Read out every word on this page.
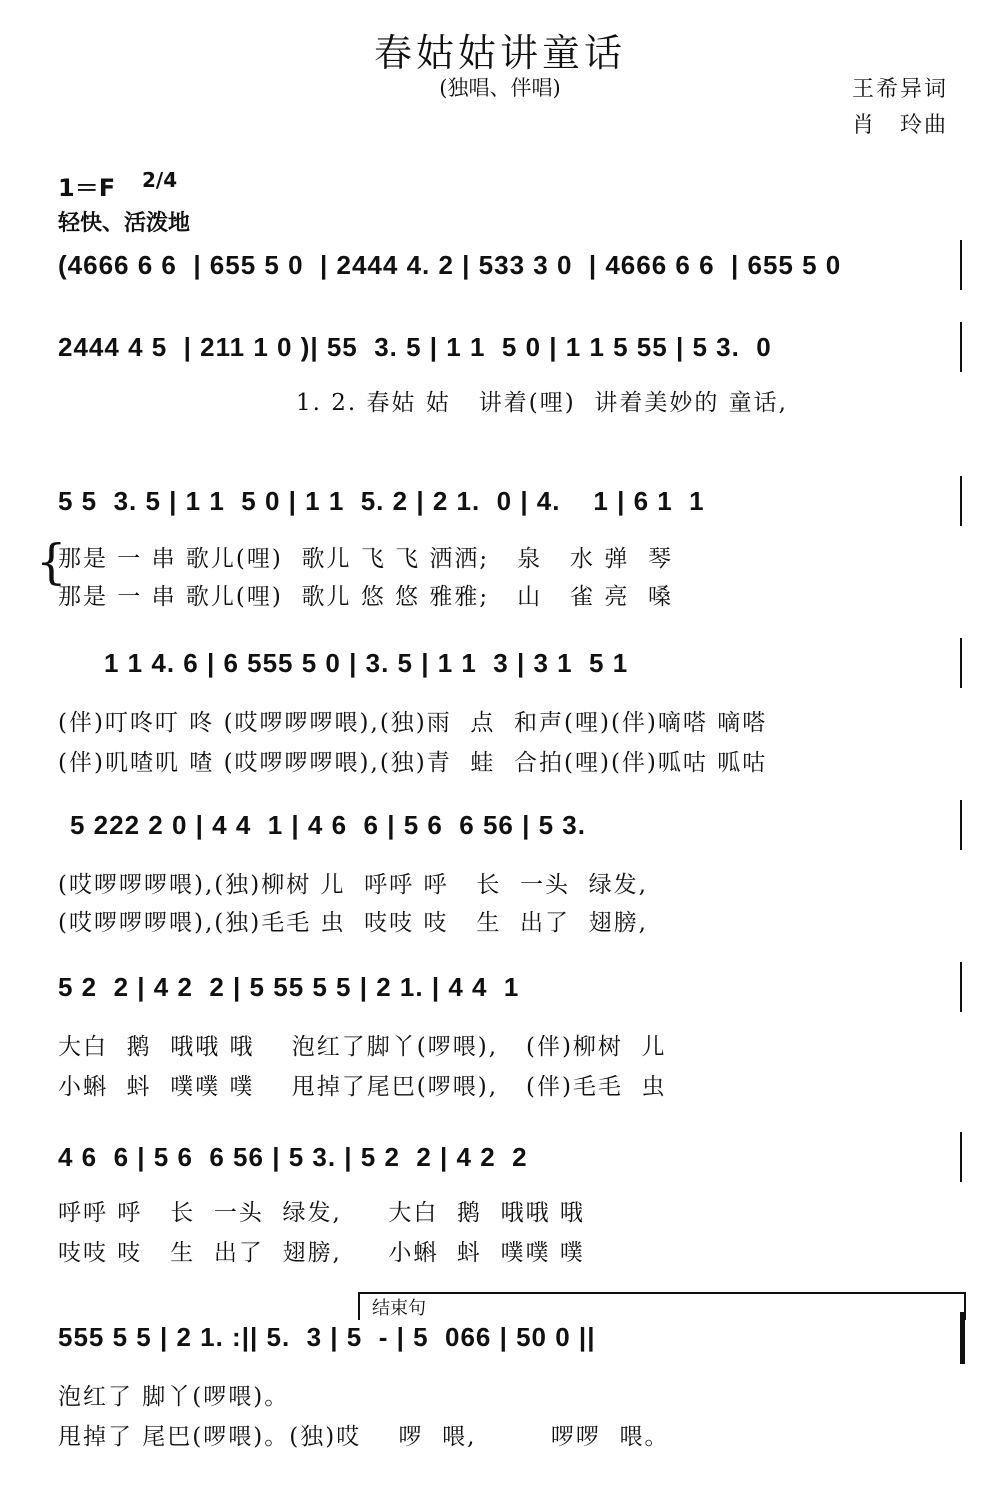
春姑姑讲童话
(独唱、伴唱)	王希异词
肖　玲曲
1＝F 2/4
轻快、活泼地
(4666 6 6  | 655 5 0  | 2444 4. 2 | 533 3 0  | 4666 6 6  | 655 5 0
2444 4 5  | 211 1 0 )| 55  3. 5 | 1 1  5 0 | 1 1 5 55 | 5 3.  0
1. 2. 春姑 姑   讲着(哩)  讲着美妙的 童话,
5 5  3. 5 | 1 1  5 0 | 1 1  5. 2 | 2 1.  0 | 4.    1 | 6 1  1
{
那是 一 串 歌儿(哩)  歌儿 飞 飞 洒洒;   泉   水 弹  琴
那是 一 串 歌儿(哩)  歌儿 悠 悠 雅雅;   山   雀 亮  嗓
1 1 4. 6 | 6 555 5 0 | 3. 5 | 1 1  3 | 3 1  5 1
(伴)叮咚叮 咚 (哎啰啰啰喂),(独)雨  点  和声(哩)(伴)嘀嗒 嘀嗒
(伴)叽喳叽 喳 (哎啰啰啰喂),(独)青  蛙  合拍(哩)(伴)呱咕 呱咕
5 222 2 0 | 4 4  1 | 4 6  6 | 5 6  6 56 | 5 3.
(哎啰啰啰喂),(独)柳树 儿  呼呼 呼   长  一头  绿发,
(哎啰啰啰喂),(独)毛毛 虫  吱吱 吱   生  出了  翅膀,
5 2  2 | 4 2  2 | 5 55 5 5 | 2 1. | 4 4  1
大白  鹅  哦哦 哦    泡红了脚丫(啰喂),   (伴)柳树  儿
小蝌  蚪  噗噗 噗    甩掉了尾巴(啰喂),   (伴)毛毛  虫
4 6  6 | 5 6  6 56 | 5 3. | 5 2  2 | 4 2  2
呼呼 呼   长  一头  绿发,     大白  鹅  哦哦 哦
吱吱 吱   生  出了  翅膀,     小蝌  蚪  噗噗 噗
结束句
555 5 5 | 2 1. :|| 5.  3 | 5  - | 5  066 | 50 0 ||
泡红了 脚丫(啰喂)。
甩掉了 尾巴(啰喂)。(独)哎    啰  喂,        啰啰  喂。
